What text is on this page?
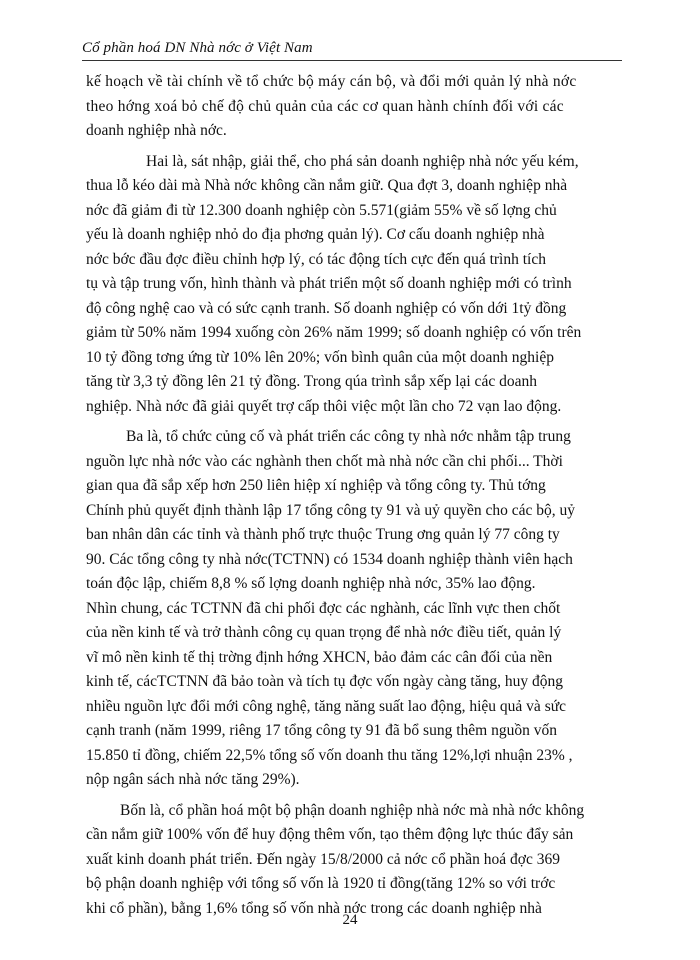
Cổ phần hoá DN Nhà nớc ở Việt Nam
kế hoạch về tài chính về tổ chức bộ máy cán bộ, và đổi mới quản lý nhà nớc
theo hớng xoá bỏ chế độ chủ quản của các cơ quan hành chính đối với các
doanh nghiệp nhà nớc.
Hai là, sát nhập, giải thể, cho phá sản doanh nghiệp nhà nớc yếu kém,
thua lỗ kéo dài mà Nhà nớc không cần nắm giữ. Qua đợt 3, doanh nghiệp nhà
nớc đã giảm đi từ 12.300 doanh nghiệp còn 5.571(giảm 55% về số lợng chủ
yếu là doanh nghiệp nhỏ do địa phơng quản lý). Cơ cấu doanh nghiệp nhà
nớc bớc đầu đợc điều chỉnh hợp lý, có tác động tích cực đến quá trình tích
tụ và tập trung vốn, hình thành và phát triển một số doanh nghiệp mới có trình
độ công nghệ cao và có sức cạnh tranh. Số doanh nghiệp có vốn dới 1tỷ đồng
giảm từ 50% năm 1994 xuống còn 26% năm 1999; số doanh nghiệp có vốn trên
10 tỷ đồng tơng ứng từ 10% lên 20%; vốn bình quân của một doanh nghiệp
tăng từ 3,3 tỷ đồng lên 21 tỷ đồng. Trong qúa trình sắp xếp lại các doanh
nghiệp. Nhà nớc đã giải quyết trợ cấp thôi việc một lần cho 72 vạn lao động.
Ba là, tổ chức củng cố và phát triển các công ty nhà nớc nhằm tập trung
nguồn lực nhà nớc vào các nghành then chốt mà nhà nớc cần chi phối... Thời
gian qua đã sắp xếp hơn 250 liên hiệp xí nghiệp và tổng công ty. Thủ tớng
Chính phủ quyết định thành lập 17 tổng công ty 91 và uỷ quyền cho các bộ, uỷ
ban nhân dân các tỉnh và thành phố trực thuộc Trung ơng quản lý 77 công ty
90. Các tổng công ty nhà nớc(TCTNN) có 1534 doanh nghiệp thành viên hạch
toán độc lập, chiếm 8,8 % số lợng doanh nghiệp nhà nớc, 35% lao động.
Nhìn chung, các TCTNN đã chi phối đợc các nghành, các lĩnh vực then chốt
của nền kinh tế và trở thành công cụ quan trọng để nhà nớc điều tiết, quản lý
vĩ mô nền kinh tế thị trờng định hớng XHCN, bảo đảm các cân đối của nền
kinh tế, cácTCTNN đã bảo toàn và tích tụ đợc vốn ngày càng tăng, huy động
nhiều nguồn lực đổi mới công nghệ, tăng năng suất lao động, hiệu quả và sức
cạnh tranh (năm 1999, riêng 17 tổng công ty 91 đã bổ sung thêm nguồn vốn
15.850 tỉ đồng, chiếm 22,5% tổng số vốn doanh thu tăng 12%,lợi nhuận 23% ,
nộp ngân sách nhà nớc tăng 29%).
Bốn là, cổ phần hoá một bộ phận doanh nghiệp nhà nớc mà nhà nớc không
cần nắm giữ 100% vốn để huy động thêm vốn, tạo thêm động lực thúc đẩy sản
xuất kinh doanh phát triển. Đến ngày 15/8/2000 cả nớc cổ phần hoá đợc 369
bộ phận doanh nghiệp với tổng số vốn là 1920 tỉ đồng(tăng 12% so với trớc
khi cổ phần), bằng 1,6% tổng số vốn nhà nớc trong các doanh nghiệp nhà
24
